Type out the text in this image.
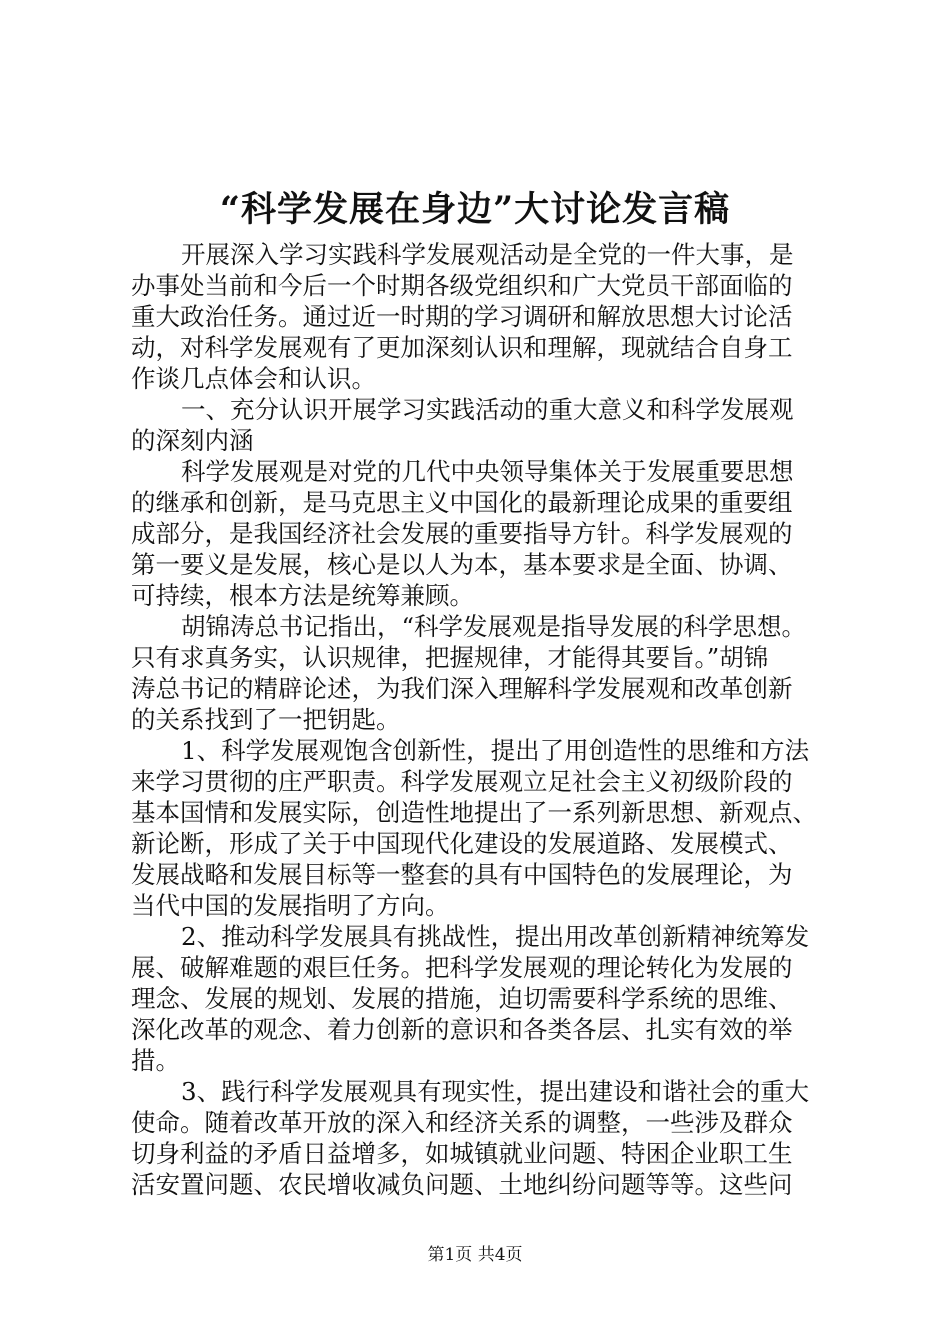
“科学发展在身边”大讨论发言稿
开展深入学习实践科学发展观活动是全党的一件大事，是
办事处当前和今后一个时期各级党组织和广大党员干部面临的
重大政治任务。通过近一时期的学习调研和解放思想大讨论活
动，对科学发展观有了更加深刻认识和理解，现就结合自身工
作谈几点体会和认识。
一、充分认识开展学习实践活动的重大意义和科学发展观
的深刻内涵
科学发展观是对党的几代中央领导集体关于发展重要思想
的继承和创新，是马克思主义中国化的最新理论成果的重要组
成部分，是我国经济社会发展的重要指导方针。科学发展观的
第一要义是发展，核心是以人为本，基本要求是全面、协调、
可持续，根本方法是统筹兼顾。
胡锦涛总书记指出，“科学发展观是指导发展的科学思想。
只有求真务实，认识规律，把握规律，才能得其要旨。”胡锦
涛总书记的精辟论述，为我们深入理解科学发展观和改革创新
的关系找到了一把钥匙。
1、科学发展观饱含创新性，提出了用创造性的思维和方法
来学习贯彻的庄严职责。科学发展观立足社会主义初级阶段的
基本国情和发展实际，创造性地提出了一系列新思想、新观点、
新论断，形成了关于中国现代化建设的发展道路、发展模式、
发展战略和发展目标等一整套的具有中国特色的发展理论，为
当代中国的发展指明了方向。
2、推动科学发展具有挑战性，提出用改革创新精神统筹发
展、破解难题的艰巨任务。把科学发展观的理论转化为发展的
理念、发展的规划、发展的措施，迫切需要科学系统的思维、
深化改革的观念、着力创新的意识和各类各层、扎实有效的举
措。
3、践行科学发展观具有现实性，提出建设和谐社会的重大
使命。随着改革开放的深入和经济关系的调整，一些涉及群众
切身利益的矛盾日益增多，如城镇就业问题、特困企业职工生
活安置问题、农民增收减负问题、土地纠纷问题等等。这些问
第1页 共4页
